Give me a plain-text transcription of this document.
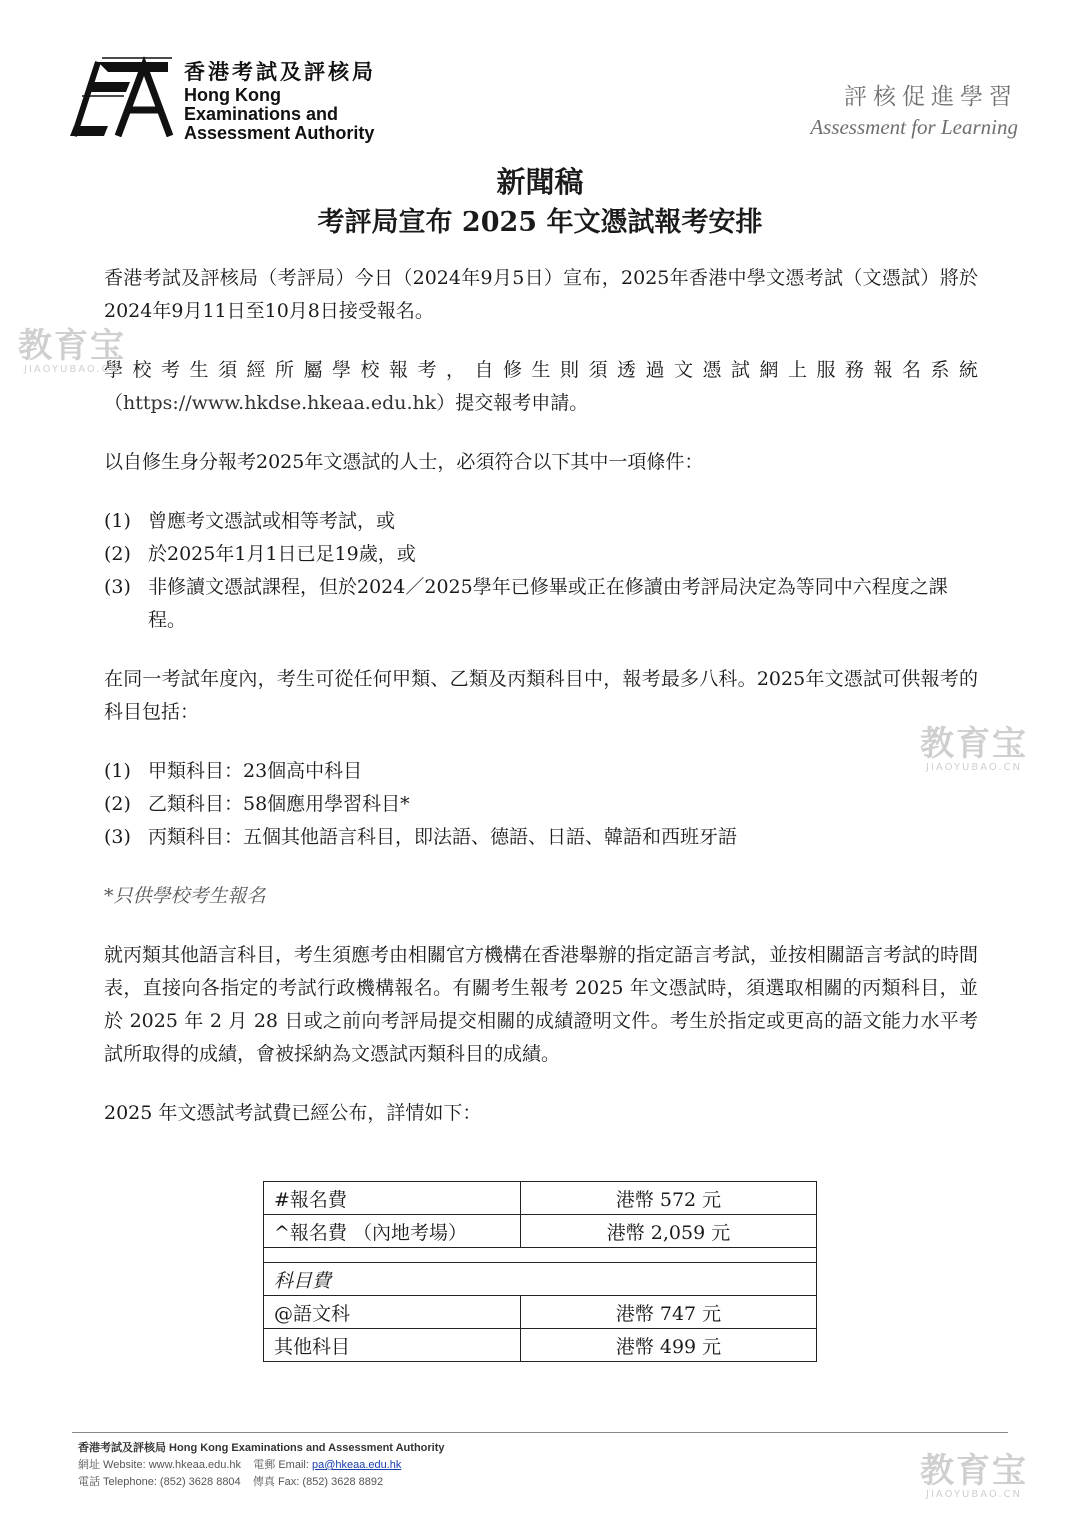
香港考試及評核局
Hong Kong
Examinations and
Assessment Authority
評核促進學習
Assessment for Learning
新聞稿
考評局宣布 2025 年文憑試報考安排

香港考試及評核局（考評局）今日（2024年9月5日）宣布，2025年香港中學文憑考試（文憑試）將於2024年9月11日至10月8日接受報名。

學校考生須經所屬學校報考，自修生則須透過文憑試網上服務報名系統（https://www.hkdse.hkeaa.edu.hk）提交報考申請。

以自修生身分報考2025年文憑試的人士，必須符合以下其中一項條件：

(1) 曾應考文憑試或相等考試，或
(2) 於2025年1月1日已足19歲，或
(3) 非修讀文憑試課程，但於2024／2025學年已修畢或正在修讀由考評局決定為等同中六程度之課程。

在同一考試年度內，考生可從任何甲類、乙類及丙類科目中，報考最多八科。2025年文憑試可供報考的科目包括：

(1) 甲類科目：23個高中科目
(2) 乙類科目：58個應用學習科目*
(3) 丙類科目：五個其他語言科目，即法語、德語、日語、韓語和西班牙語

*只供學校考生報名

就丙類其他語言科目，考生須應考由相關官方機構在香港舉辦的指定語言考試，並按相關語言考試的時間表，直接向各指定的考試行政機構報名。有關考生報考 2025 年文憑試時，須選取相關的丙類科目，並於 2025 年 2 月 28 日或之前向考評局提交相關的成績證明文件。考生於指定或更高的語文能力水平考試所取得的成績，會被採納為文憑試丙類科目的成績。

2025 年文憑試考試費已經公布，詳情如下：

#報名費	港幣 572 元
^報名費 （內地考場）	港幣 2,059 元

科目費	
@語文科	港幣 747 元
其他科目	港幣 499 元
香港考試及評核局 Hong Kong Examinations and Assessment Authority
網址 Website: www.hkeaa.edu.hk 電郵 Email: pa@hkeaa.edu.hk
電話 Telephone: (852) 3628 8804 傳真 Fax: (852) 3628 8892
教育宝
JIAOYUBAO.CN
教育宝
JIAOYUBAO.CN
教育宝
JIAOYUBAO.CN
